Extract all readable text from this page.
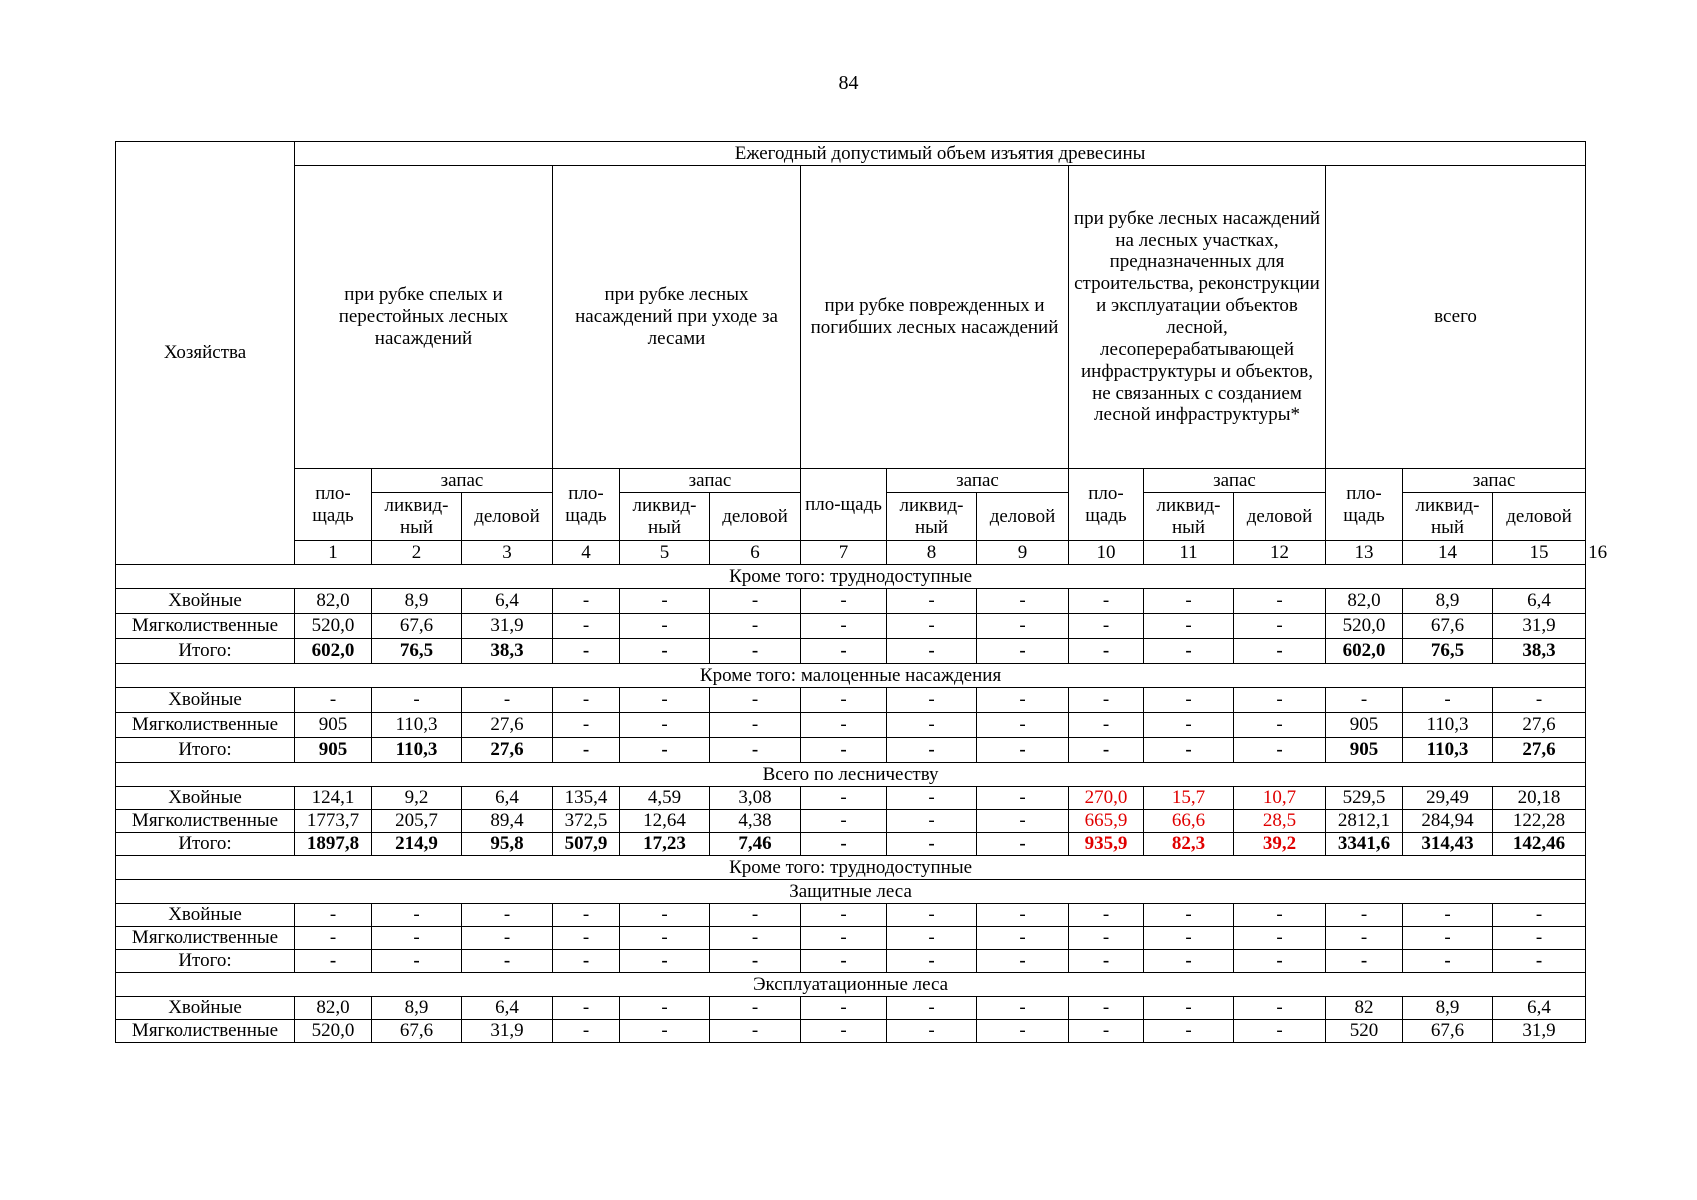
84
Хозяйства	Ежегодный допустимый объем изъятия древесины															
	при рубке спелых и перестойных лесных насаждений			при рубке лесных насаждений при уходе за лесами			при рубке поврежденных и погибших лесных насаждений			при рубке лесных насаждений на лесных участках, предназначенных для строительства, реконструкции и эксплуатации объектов лесной, лесоперерабатывающей инфраструктуры и объектов, не связанных с созданием лесной инфраструктуры*			всего			
	пло-щадь	запас		пло-щадь	запас		пло-щадь	запас		пло-щадь	запас		пло-щадь	запас		
		ликвид-ный	деловой		ликвид-ный	деловой		ликвид-ный	деловой		ликвид-ный	деловой		ликвид-ный	деловой	
	1	2	3	4	5	6	7	8	9	10	11	12	13	14	15	16
Кроме того: труднодоступные																
Хвойные	82,0	8,9	6,4	-	-	-	-	-	-	-	-	-	82,0	8,9	6,4	
Мягколиственные	520,0	67,6	31,9	-	-	-	-	-	-	-	-	-	520,0	67,6	31,9	
Итого:	602,0	76,5	38,3	-	-	-	-	-	-	-	-	-	602,0	76,5	38,3	
Кроме того: малоценные насаждения																
Хвойные	-	-	-	-	-	-	-	-	-	-	-	-	-	-	-	
Мягколиственные	905	110,3	27,6	-	-	-	-	-	-	-	-	-	905	110,3	27,6	
Итого:	905	110,3	27,6	-	-	-	-	-	-	-	-	-	905	110,3	27,6	
Всего по лесничеству																
Хвойные	124,1	9,2	6,4	135,4	4,59	3,08	-	-	-	270,0	15,7	10,7	529,5	29,49	20,18	
Мягколиственные	1773,7	205,7	89,4	372,5	12,64	4,38	-	-	-	665,9	66,6	28,5	2812,1	284,94	122,28	
Итого:	1897,8	214,9	95,8	507,9	17,23	7,46	-	-	-	935,9	82,3	39,2	3341,6	314,43	142,46	
Кроме того: труднодоступные																
Защитные леса																
Хвойные	-	-	-	-	-	-	-	-	-	-	-	-	-	-	-	
Мягколиственные	-	-	-	-	-	-	-	-	-	-	-	-	-	-	-	
Итого:	-	-	-	-	-	-	-	-	-	-	-	-	-	-	-	
Эксплуатационные леса																
Хвойные	82,0	8,9	6,4	-	-	-	-	-	-	-	-	-	82	8,9	6,4	
Мягколиственные	520,0	67,6	31,9	-	-	-	-	-	-	-	-	-	520	67,6	31,9	
